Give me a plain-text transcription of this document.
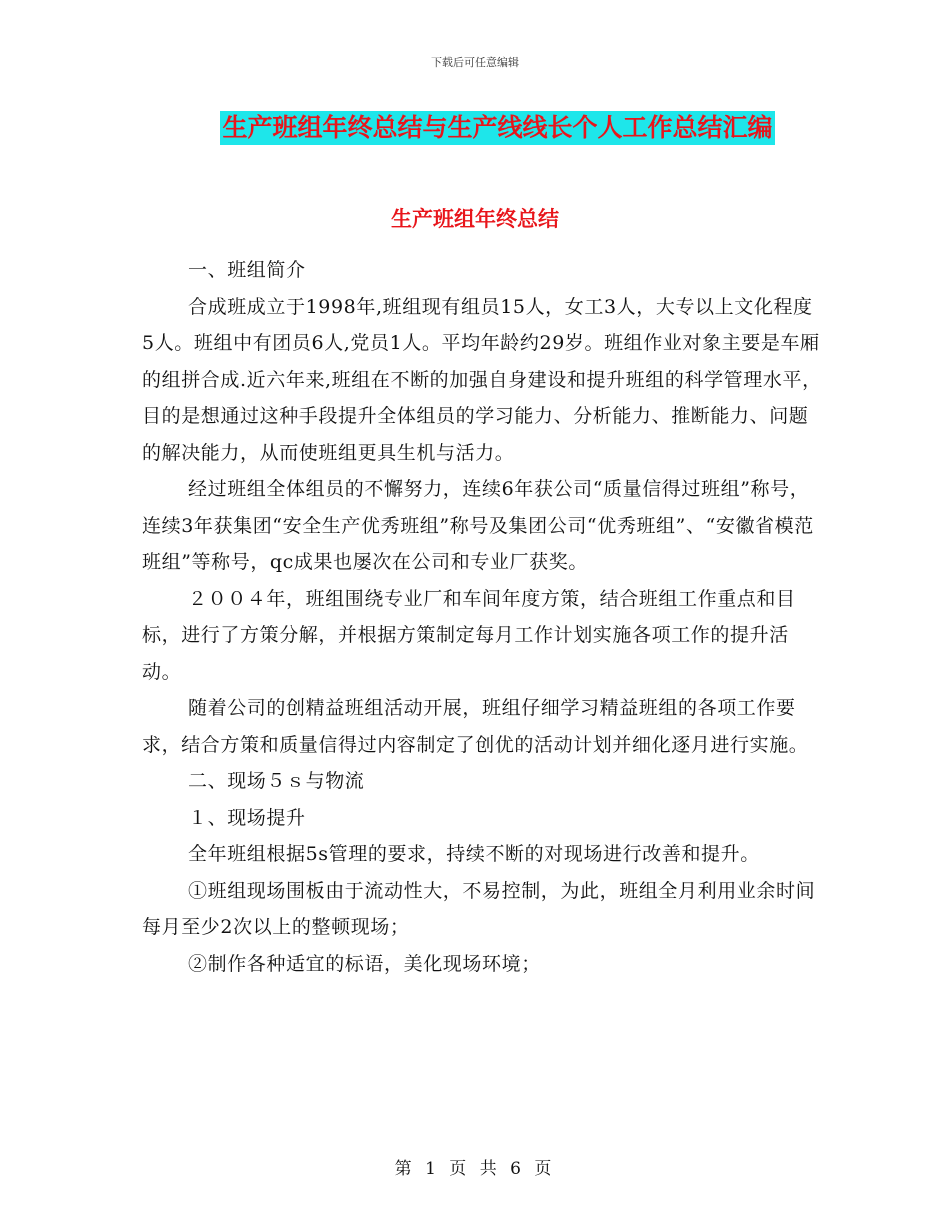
下载后可任意编辑
生产班组年终总结与生产线线长个人工作总结汇编
生产班组年终总结

一、班组简介

合成班成立于1998年,班组现有组员15人，女工3人，大专以上文化程度5人。班组中有团员6人,党员1人。平均年龄约29岁。班组作业对象主要是车厢的组拼合成.近六年来,班组在不断的加强自身建设和提升班组的科学管理水平，目的是想通过这种手段提升全体组员的学习能力、分析能力、推断能力、问题的解决能力，从而使班组更具生机与活力。

经过班组全体组员的不懈努力，连续6年获公司“质量信得过班组”称号，连续3年获集团“安全生产优秀班组”称号及集团公司“优秀班组”、“安徽省模范班组”等称号，qc成果也屡次在公司和专业厂获奖。

２００４年，班组围绕专业厂和车间年度方策，结合班组工作重点和目标，进行了方策分解，并根据方策制定每月工作计划实施各项工作的提升活动。

随着公司的创精益班组活动开展，班组仔细学习精益班组的各项工作要求，结合方策和质量信得过内容制定了创优的活动计划并细化逐月进行实施。

二、现场５ｓ与物流

１、现场提升

全年班组根据5s管理的要求，持续不断的对现场进行改善和提升。

①班组现场围板由于流动性大，不易控制，为此，班组全月利用业余时间每月至少2次以上的整顿现场；

②制作各种适宜的标语，美化现场环境；

第 1 页 共 6 页
